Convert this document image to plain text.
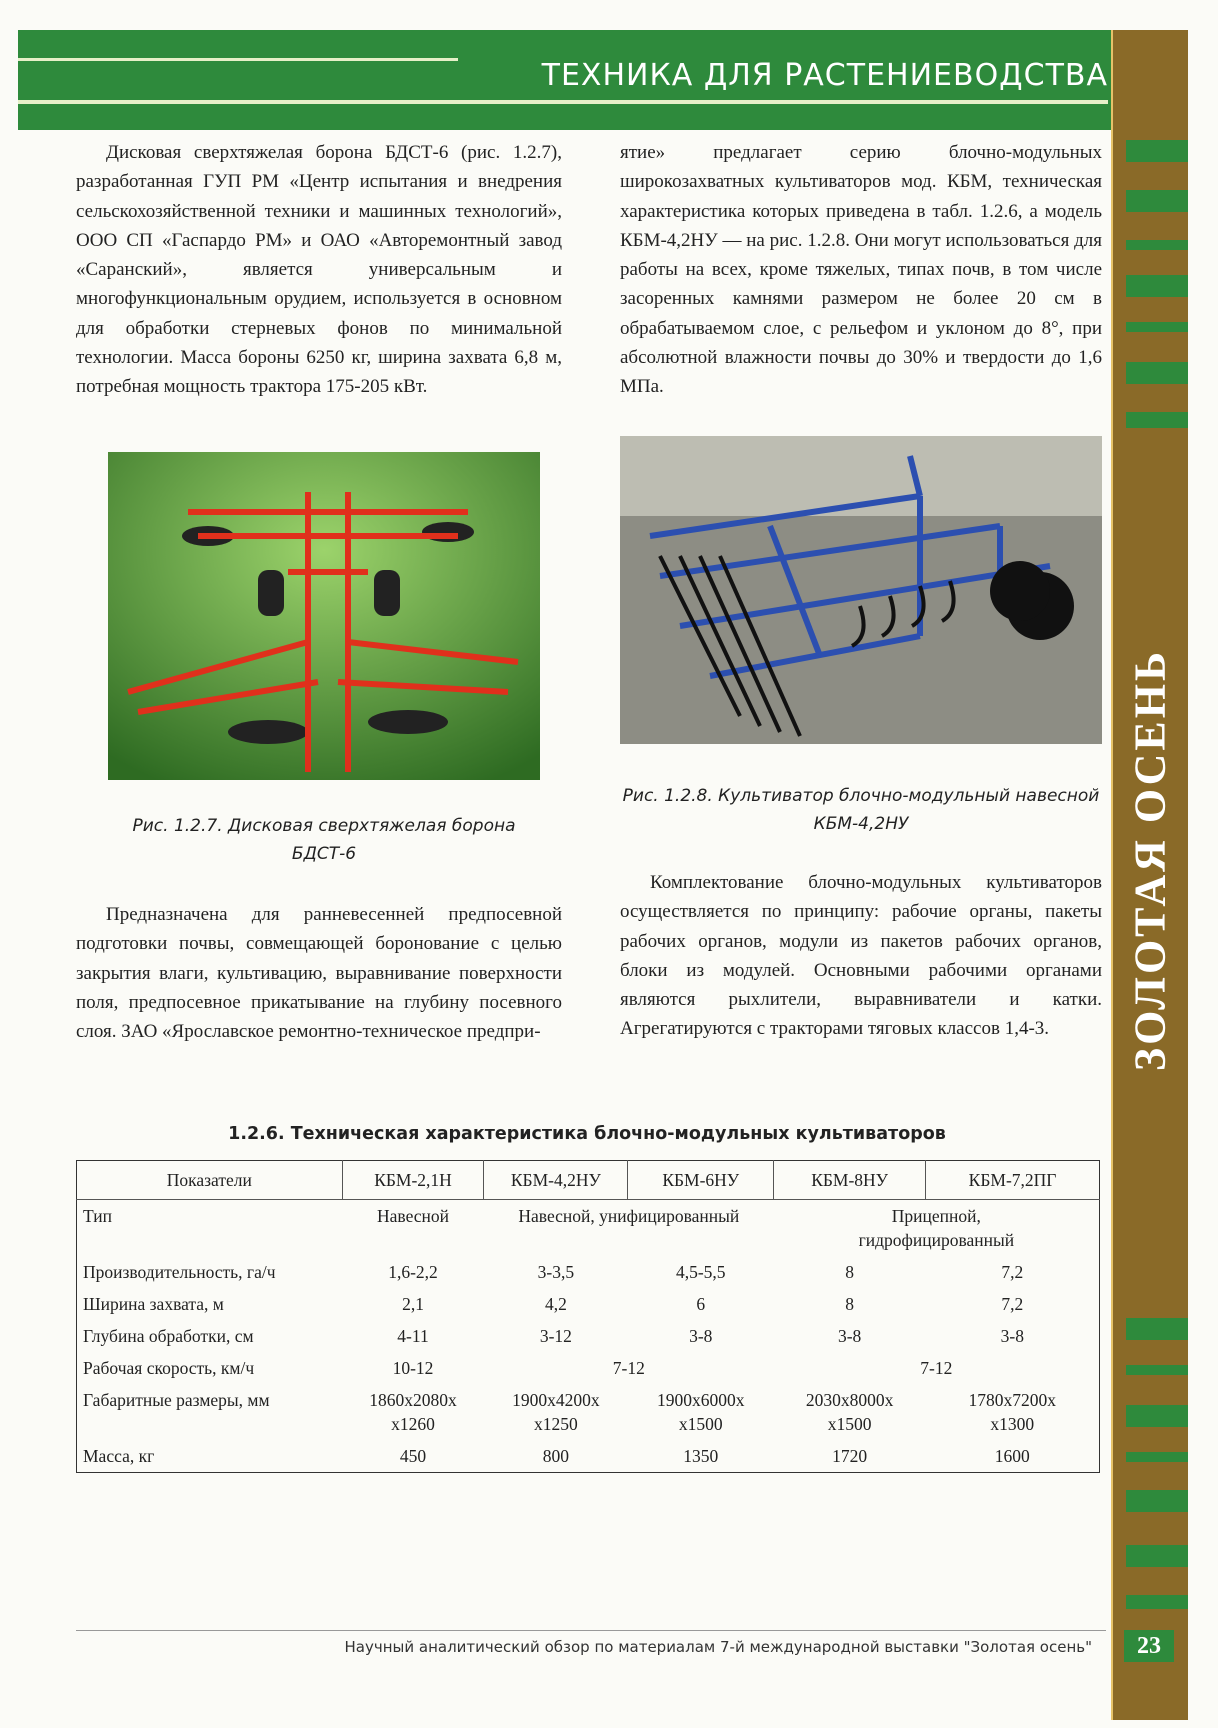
ТЕХНИКА ДЛЯ РАСТЕНИЕВОДСТВА
ЗОЛОТАЯ ОСЕНЬ
Дисковая сверхтяжелая борона БДСТ-6 (рис. 1.2.7), разработанная ГУП РМ «Центр испытания и внедрения сельскохозяйственной техники и машинных технологий», ООО СП «Гаспардо РМ» и ОАО «Авторемонтный завод «Саранский», является универсальным и многофункциональным орудием, используется в основном для обработки стерневых фонов по минимальной технологии. Масса бороны 6250 кг, ширина захвата 6,8 м, потребная мощность трактора 175-205 кВт.
Рис. 1.2.7. Дисковая сверхтяжелая борона БДСТ-6
Предназначена для ранневесенней предпосевной подготовки почвы, совмещающей боронование с целью закрытия влаги, культивацию, выравнивание поверхности поля, предпосевное прикатывание на глубину посевного слоя. ЗАО «Ярославское ремонтно-техническое предпри-
ятие» предлагает серию блочно-модульных широкозахватных культиваторов мод. КБМ, техническая характеристика которых приведена в табл. 1.2.6, а модель КБМ-4,2НУ — на рис. 1.2.8. Они могут использоваться для работы на всех, кроме тяжелых, типах почв, в том числе засоренных камнями размером не более 20 см в обрабатываемом слое, с рельефом и уклоном до 8°, при абсолютной влажности почвы до 30% и твердости до 1,6 МПа.
Рис. 1.2.8. Культиватор блочно-модульный навесной КБМ-4,2НУ
Комплектование блочно-модульных культиваторов осуществляется по принципу: рабочие органы, пакеты рабочих органов, модули из пакетов рабочих органов, блоки из модулей. Основными рабочими органами являются рыхлители, выравниватели и катки. Агрегатируются с тракторами тяговых классов 1,4-3.
1.2.6. Техническая характеристика блочно-модульных культиваторов
Показатели	КБМ-2,1Н	КБМ-4,2НУ	КБМ-6НУ	КБМ-8НУ	КБМ-7,2ПГ
Тип	Навесной	Навесной, унифицированный		Прицепной, гидрофицированный	
Производительность, га/ч	1,6-2,2	3-3,5	4,5-5,5	8	7,2
Ширина захвата, м	2,1	4,2	6	8	7,2
Глубина обработки, см	4-11	3-12	3-8	3-8	3-8
Рабочая скорость, км/ч	10-12	7-12		7-12	
Габаритные размеры, мм	1860х2080х х1260	1900х4200х х1250	1900х6000х х1500	2030х8000х х1500	1780х7200х х1300
Масса, кг	450	800	1350	1720	1600
Научный аналитический обзор по материалам 7-й международной выставки "Золотая осень"	23
